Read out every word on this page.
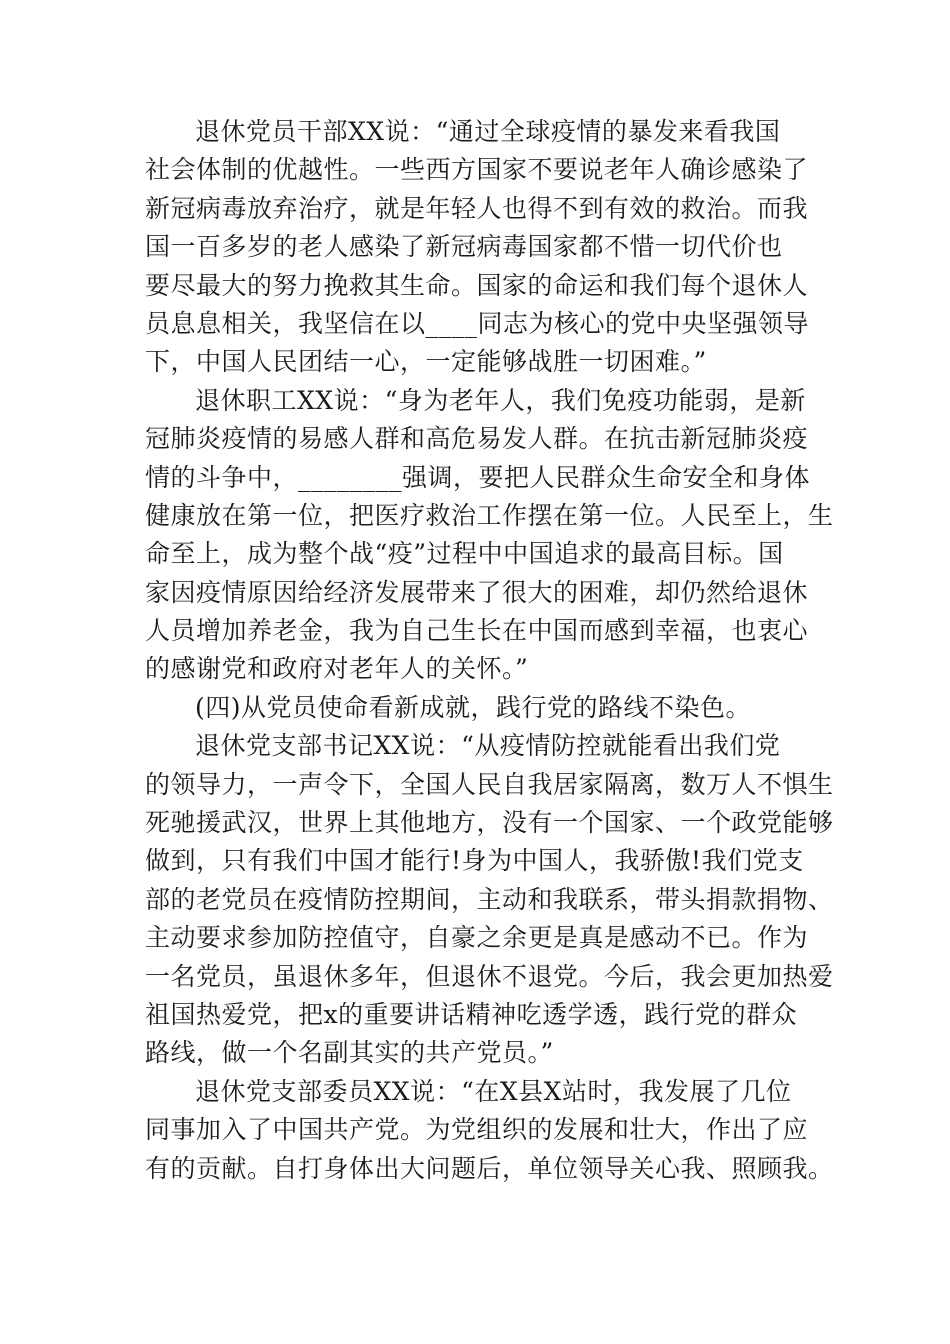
退休党员干部XX说：“通过全球疫情的暴发来看我国
社会体制的优越性。一些西方国家不要说老年人确诊感染了
新冠病毒放弃治疗，就是年轻人也得不到有效的救治。而我
国一百多岁的老人感染了新冠病毒国家都不惜一切代价也
要尽最大的努力挽救其生命。国家的命运和我们每个退休人
员息息相关，我坚信在以____同志为核心的党中央坚强领导
下，中国人民团结一心，一定能够战胜一切困难。”
退休职工XX说：“身为老年人，我们免疫功能弱，是新
冠肺炎疫情的易感人群和高危易发人群。在抗击新冠肺炎疫
情的斗争中，________强调，要把人民群众生命安全和身体
健康放在第一位，把医疗救治工作摆在第一位。人民至上，生
命至上，成为整个战“疫”过程中中国追求的最高目标。国
家因疫情原因给经济发展带来了很大的困难，却仍然给退休
人员增加养老金，我为自己生长在中国而感到幸福，也衷心
的感谢党和政府对老年人的关怀。”
(四)从党员使命看新成就，践行党的路线不染色。
退休党支部书记XX说：“从疫情防控就能看出我们党
的领导力，一声令下，全国人民自我居家隔离，数万人不惧生
死驰援武汉，世界上其他地方，没有一个国家、一个政党能够
做到，只有我们中国才能行!身为中国人，我骄傲!我们党支
部的老党员在疫情防控期间，主动和我联系，带头捐款捐物、
主动要求参加防控值守，自豪之余更是真是感动不已。作为
一名党员，虽退休多年，但退休不退党。今后，我会更加热爱
祖国热爱党，把x的重要讲话精神吃透学透，践行党的群众
路线，做一个名副其实的共产党员。”
退休党支部委员XX说：“在X县X站时，我发展了几位
同事加入了中国共产党。为党组织的发展和壮大，作出了应
有的贡献。自打身体出大问题后，单位领导关心我、照顾我。
